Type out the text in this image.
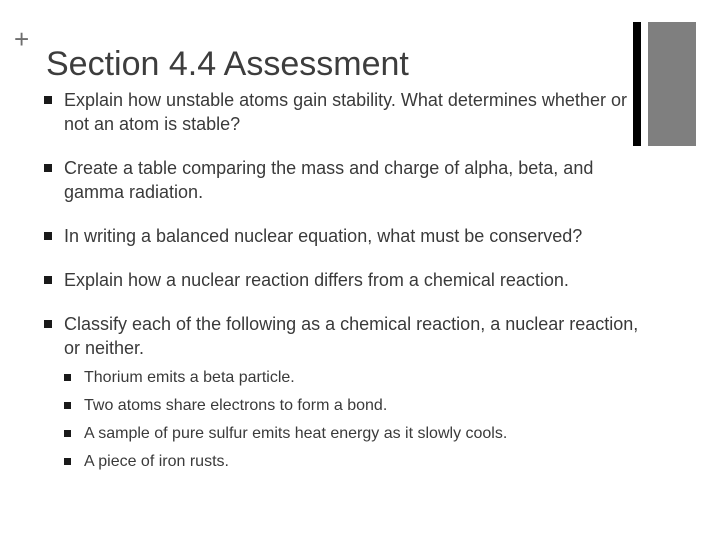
+
Section 4.4 Assessment
Explain how unstable atoms gain stability. What determines whether or not an atom is stable?
Create a table comparing the mass and charge of alpha, beta, and gamma radiation.
In writing a balanced nuclear equation, what must be conserved?
Explain how a nuclear reaction differs from a chemical reaction.
Classify each of the following as a chemical reaction, a nuclear reaction, or neither.
Thorium emits a beta particle.
Two atoms share electrons to form a bond.
A sample of pure sulfur emits heat energy as it slowly cools.
A piece of iron rusts.
